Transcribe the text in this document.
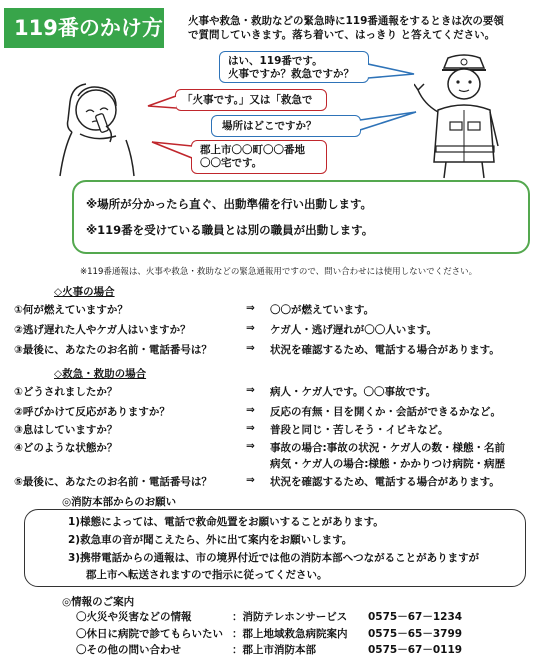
119番のかけ方 火事や救急・救助などの緊急時に119番通報をするときは次の要領
で質問していきます。落ち着いて、はっきり と答えてください。
はい、119番です。
火事ですか？救急ですか？
「火事です。」又は「救急で
場所はどこですか？
郡上市〇〇町〇〇番地
〇〇宅です。
※場所が分かったら直ぐ、出動準備を行い出動します。
※119番を受けている職員とは別の職員が出動します。
※119番通報は、火事や救急・救助などの緊急通報用ですので、問い合わせには使用しないでください。
◇火事の場合
①何が燃えていますか？	⇒ 〇〇が燃えています。
②逃げ遅れた人やケガ人はいますか？	⇒ ケガ人・逃げ遅れが〇〇人います。
③最後に、あなたのお名前・電話番号は？	⇒ 状況を確認するため、電話する場合があります。
◇救急・救助の場合
①どうされましたか？	⇒ 病人・ケガ人です。〇〇事故です。
②呼びかけて反応がありますか？	⇒ 反応の有無・目を開くか・会話ができるかなど。
③息はしていますか？	⇒ 普段と同じ・苦しそう・イビキなど。
④どのような状態か？	⇒ 事故の場合:事故の状況・ケガ人の数・様態・名前
病気・ケガ人の場合:様態・かかりつけ病院・病歴
⑤最後に、あなたのお名前・電話番号は？	⇒ 状況を確認するため、電話する場合があります。
◎消防本部からのお願い
1)様態によっては、電話で救命処置をお願いすることがあります。
2)救急車の音が聞こえたら、外に出て案内をお願いします。
3)携帯電話からの通報は、市の境界付近では他の消防本部へつながることがありますが
郡上市へ転送されますので指示に従ってください。
◎情報のご案内
〇火災や災害などの情報	：消防テレホンサービス 0575－67－1234
〇休日に病院で診てもらいたい ：郡上地域救急病院案内 0575－65－3799
〇その他の問い合わせ	：郡上市消防本部	0575－67－0119
